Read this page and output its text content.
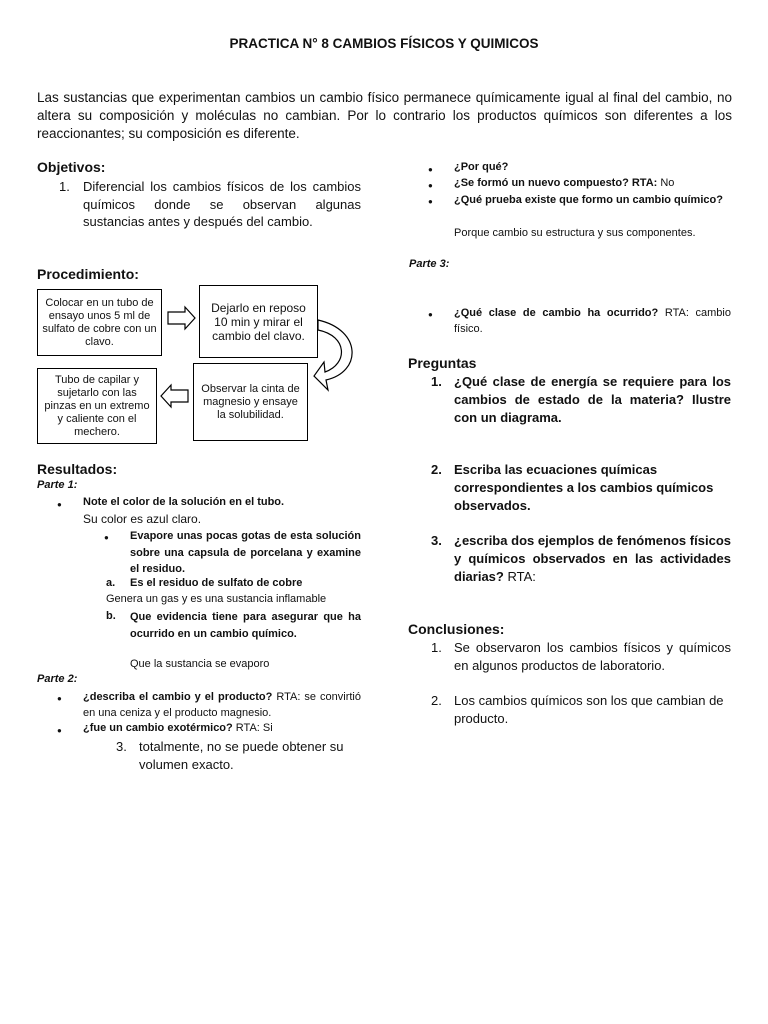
PRACTICA N° 8 CAMBIOS FÍSICOS Y QUIMICOS
Las sustancias que experimentan cambios un cambio físico permanece químicamente igual al final del cambio, no altera su composición y moléculas no cambian. Por lo contrario los productos químicos son diferentes a los reaccionantes; su composición es diferente.
Objetivos:
1. Diferencial los cambios físicos de los cambios químicos donde se observan algunas sustancias antes y después del cambio.
Procedimiento:
Colocar en un tubo de ensayo unos 5 ml de sulfato de cobre con un clavo.
Dejarlo en reposo 10 min y mirar el cambio del clavo.
Observar la cinta de magnesio y ensaye la solubilidad.
Tubo de capilar y sujetarlo con las pinzas en un extremo y caliente con el mechero.
Resultados:
Parte 1:
● Note el color de la solución en el tubo.
Su color es azul claro.
● Evapore unas pocas gotas de esta solución sobre una capsula de porcelana y examine el residuo.
a. Es el residuo de sulfato de cobre
Genera un gas y es una sustancia inflamable
b. Que evidencia tiene para asegurar que ha ocurrido en un cambio químico.
Que la sustancia se evaporo
Parte 2:
● ¿describa el cambio y el producto? RTA: se convirtió en una ceniza y el producto magnesio.
● ¿fue un cambio exotérmico? RTA: Si
3. totalmente, no se puede obtener su volumen exacto.
● ¿Por qué?
● ¿Se formó un nuevo compuesto? RTA: No
● ¿Qué prueba existe que formo un cambio químico?
Porque cambio su estructura y sus componentes.
Parte 3:
● ¿Qué clase de cambio ha ocurrido? RTA: cambio físico.
Preguntas
1. ¿Qué clase de energía se requiere para los cambios de estado de la materia? Ilustre con un diagrama.
2. Escriba las ecuaciones químicas correspondientes a los cambios químicos observados.
3. ¿escriba dos ejemplos de fenómenos físicos y químicos observados en las actividades diarias? RTA:
Conclusiones:
1. Se observaron los cambios físicos y químicos en algunos productos de laboratorio.
2. Los cambios químicos son los que cambian de producto.
